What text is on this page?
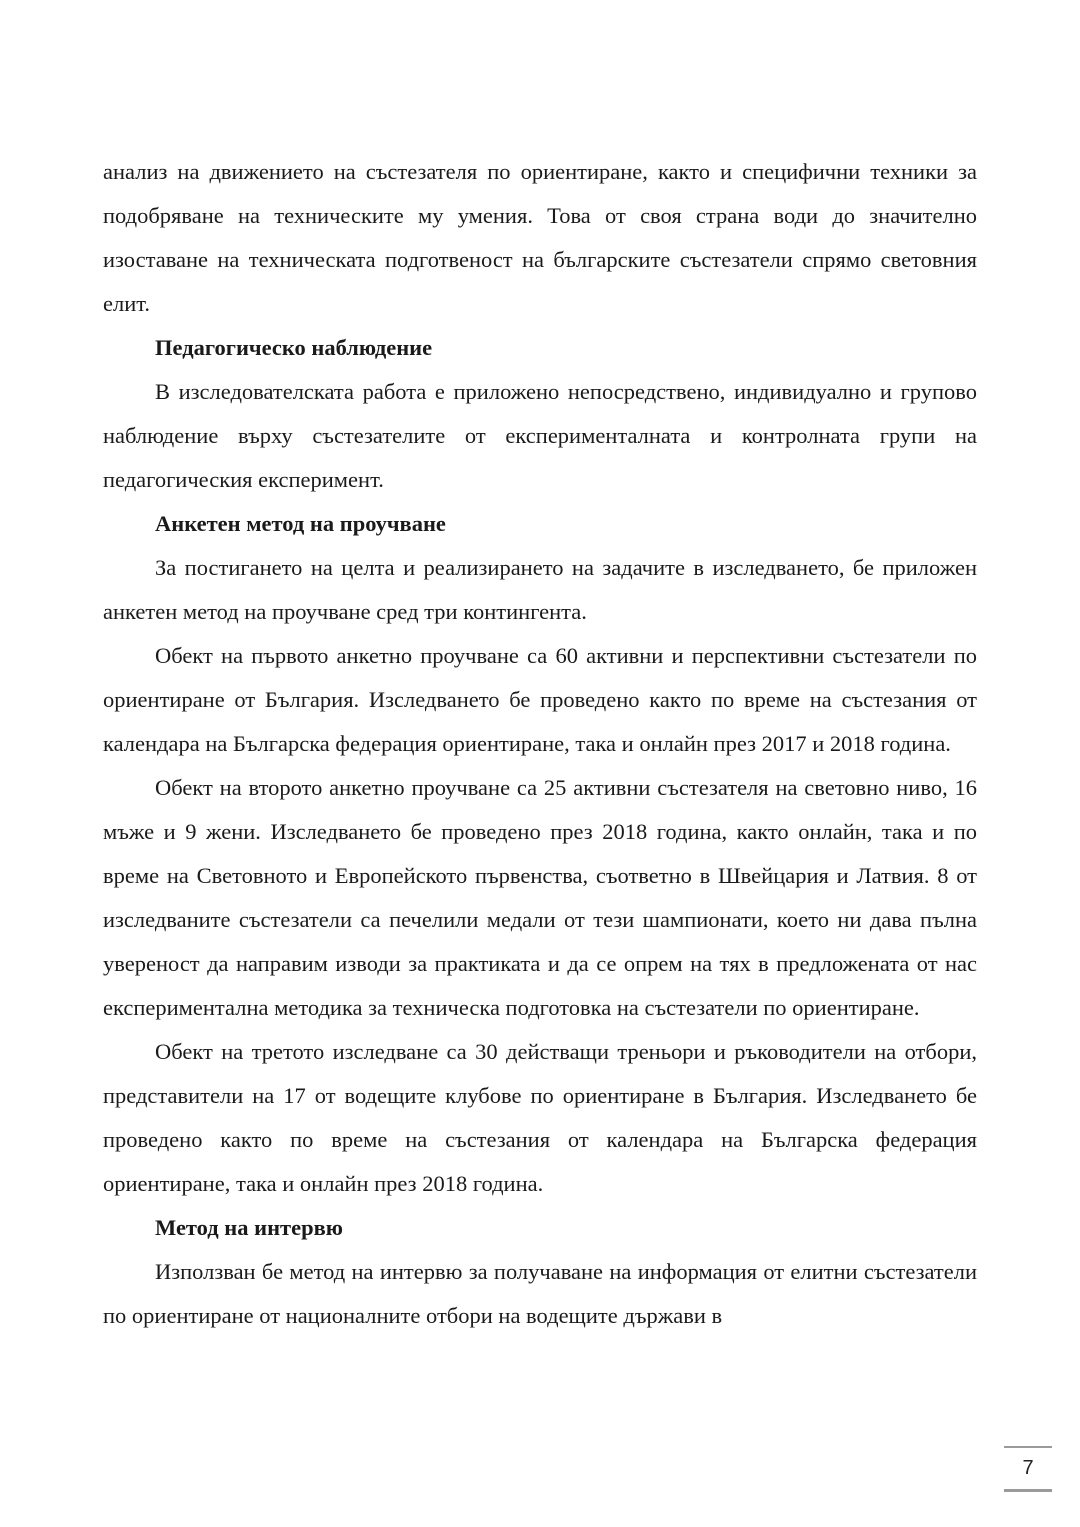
анализ на движението на състезателя по ориентиране, както и специфични техники за подобряване на техническите му умения. Това от своя страна води до значително изоставане на техническата подготвеност на българските състезатели спрямо световния елит.

Педагогическо наблюдение

В изследователската работа е приложено непосредствено, индивидуално и групово наблюдение върху състезателите от експерименталната и контролната групи на педагогическия експеримент.

Анкетен метод на проучване

За постигането на целта и реализирането на задачите в изследването, бе приложен анкетен метод на проучване сред три контингента.

Обект на първото анкетно проучване са 60 активни и перспективни състезатели по ориентиране от България. Изследването бе проведено както по време на състезания от календара на Българска федерация ориентиране, така и онлайн през 2017 и 2018 година.

Обект на второто анкетно проучване са 25 активни състезателя на световно ниво, 16 мъже и 9 жени. Изследването бе проведено през 2018 година, както онлайн, така и по време на Световното и Европейското първенства, съответно в Швейцария и Латвия. 8 от изследваните състезатели са печелили медали от тези шампионати, което ни дава пълна увереност да направим изводи за практиката и да се опрем на тях в предложената от нас експериментална методика за техническа подготовка на състезатели по ориентиране.

Обект на третото изследване са 30 действащи треньори и ръководители на отбори, представители на 17 от водещите клубове по ориентиране в България. Изследването бе проведено както по време на състезания от календара на Българска федерация ориентиране, така и онлайн през 2018 година.

Метод на интервю

Използван бе метод на интервю за получаване на информация от елитни състезатели по ориентиране от националните отбори на водещите държави в

7
